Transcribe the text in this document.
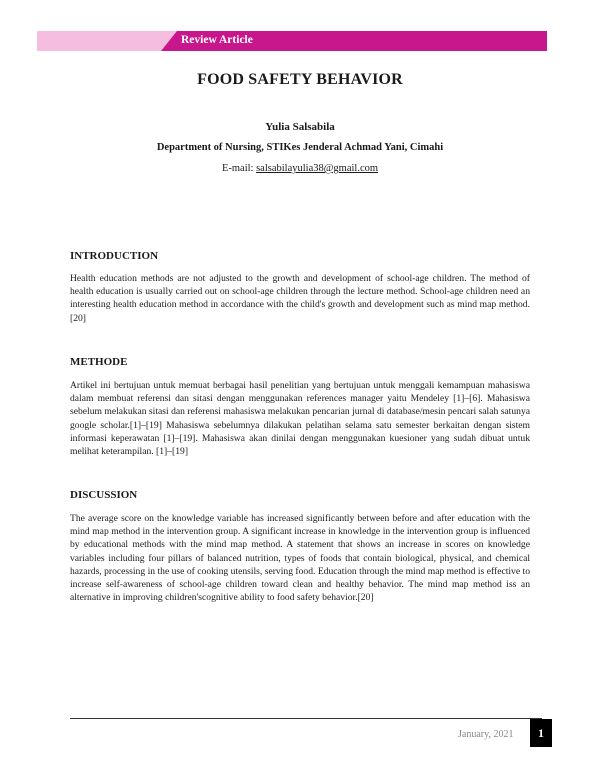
Review Article
FOOD SAFETY BEHAVIOR
Yulia Salsabila
Department of Nursing, STIKes Jenderal Achmad Yani, Cimahi
E-mail: salsabilayulia38@gmail.com
INTRODUCTION

Health education methods are not adjusted to the growth and development of school-age children. The method of health education is usually carried out on school-age children through the lecture method. School-age children need an interesting health education method in accordance with the child's growth and development such as mind map method.[20]

METHODE

Artikel ini bertujuan untuk memuat berbagai hasil penelitian yang bertujuan untuk menggali kemampuan mahasiswa dalam membuat referensi dan sitasi dengan menggunakan references manager yaitu Mendeley [1]–[6]. Mahasiswa sebelum melakukan sitasi dan referensi mahasiswa melakukan pencarian jurnal di database/mesin pencari salah satunya google scholar.[1]–[19] Mahasiswa sebelumnya dilakukan pelatihan selama satu semester berkaitan dengan sistem informasi keperawatan [1]–[19]. Mahasiswa akan dinilai dengan menggunakan kuesioner yang sudah dibuat untuk melihat keterampilan. [1]–[19]

DISCUSSION

The average score on the knowledge variable has increased significantly between before and after education with the mind map method in the intervention group. A significant increase in knowledge in the intervention group is influenced by educational methods with the mind map method. A statement that shows an increase in scores on knowledge variables including four pillars of balanced nutrition, types of foods that contain biological, physical, and chemical hazards, processing in the use of cooking utensils, serving food. Education through the mind map method is effective to increase self-awareness of school-age children toward clean and healthy behavior. The mind map method iss an alternative in improving children'scognitive ability to food safety behavior.[20]

January, 2021	1
